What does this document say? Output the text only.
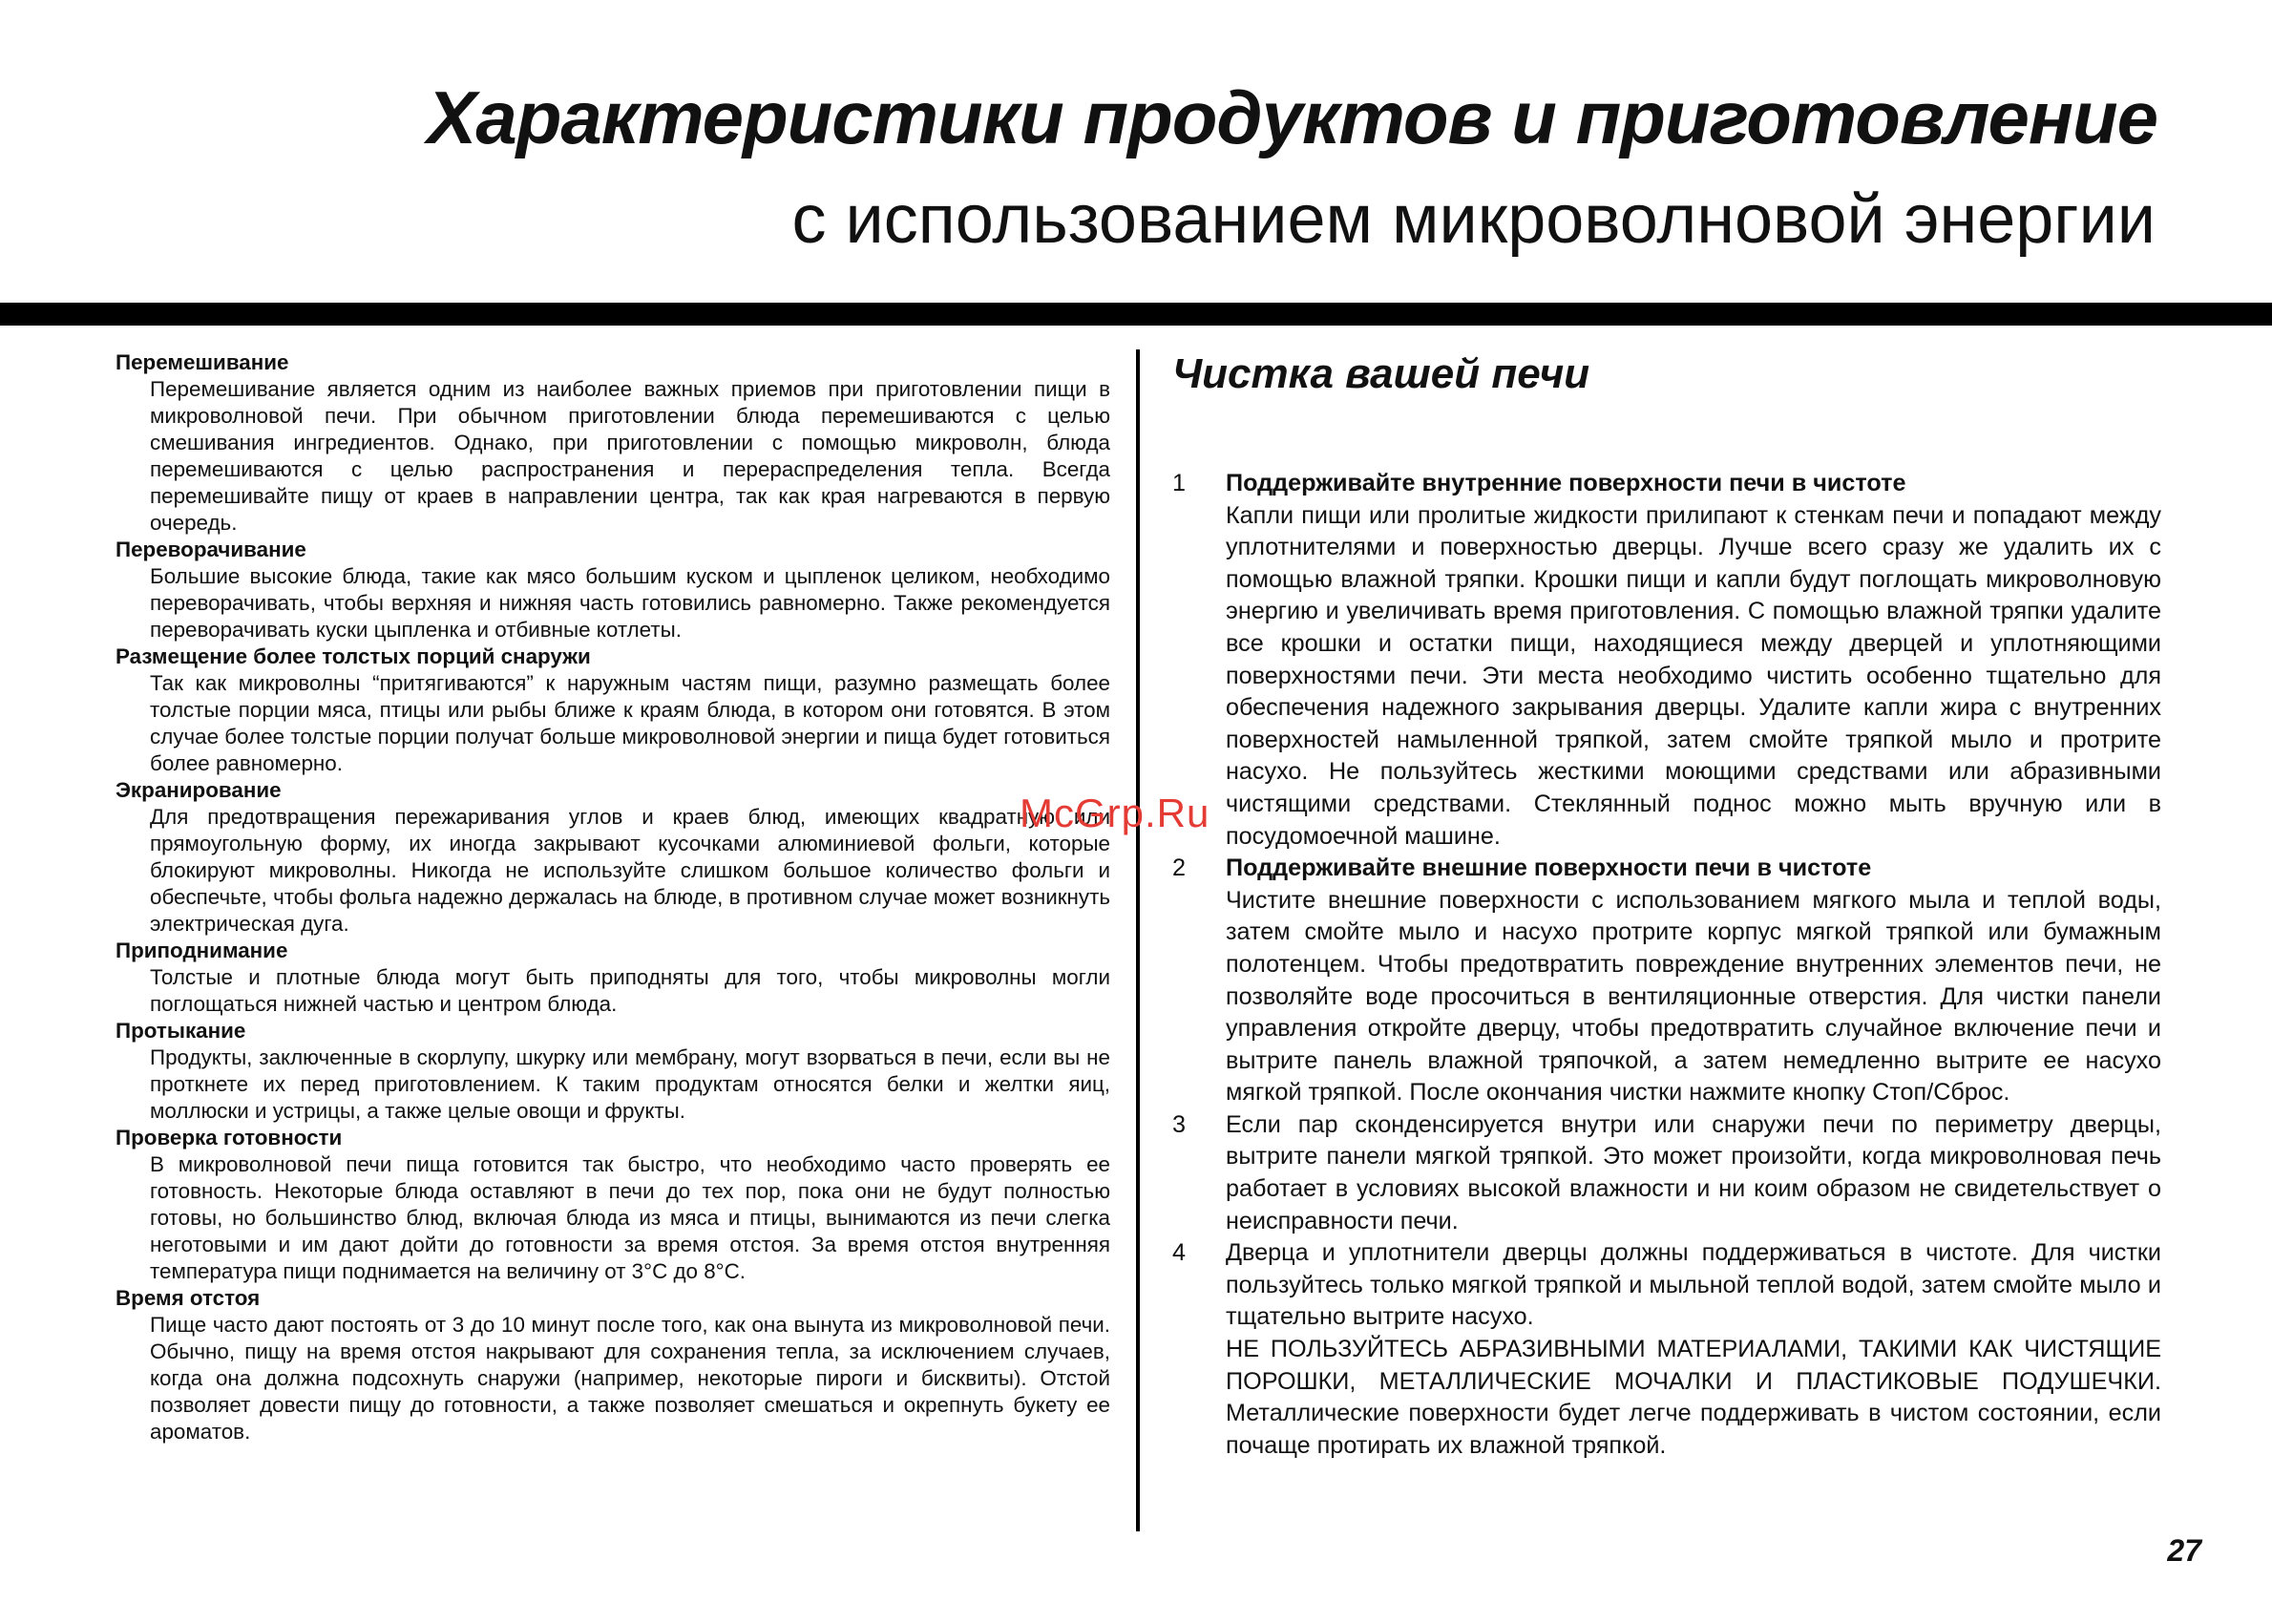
Характеристики продуктов и приготовление
с использованием микроволновой энергии

Перемешивание

Перемешивание является одним из наиболее важных приемов при приготовлении пищи в микроволновой печи. При обычном приготовлении блюда перемешиваются с целью смешивания ингредиентов. Однако, при приготовлении с помощью микроволн, блюда перемешиваются с целью распространения и перераспределения тепла. Всегда перемешивайте пищу от краев в направлении центра, так как края нагреваются в первую очередь.

Переворачивание

Большие высокие блюда, такие как мясо большим куском и цыпленок целиком, необходимо переворачивать, чтобы верхняя и нижняя часть готовились равномерно. Также рекомендуется переворачивать куски цыпленка и отбивные котлеты.

Размещение более толстых порций снаружи

Так как микроволны “притягиваются” к наружным частям пищи, разумно размещать более толстые порции мяса, птицы или рыбы ближе к краям блюда, в котором они готовятся. В этом случае более толстые порции получат больше микроволновой энергии и пища будет готовиться более равномерно.

Экранирование

Для предотвращения пережаривания углов и краев блюд, имеющих квадратную или прямоугольную форму, их иногда закрывают кусочками алюминиевой фольги, которые блокируют микроволны. Никогда не используйте слишком большое количество фольги и обеспечьте, чтобы фольга надежно держалась на блюде, в противном случае может возникнуть электрическая дуга.

Приподнимание

Толстые и плотные блюда могут быть приподняты для того, чтобы микроволны могли поглощаться нижней частью и центром блюда.

Протыкание

Продукты, заключенные в скорлупу, шкурку или мембрану, могут взорваться в печи, если вы не проткнете их перед приготовлением. К таким продуктам относятся белки и желтки яиц, моллюски и устрицы, а также целые овощи и фрукты.

Проверка готовности

В микроволновой печи пища готовится так быстро, что необходимо часто проверять ее готовность. Некоторые блюда оставляют в печи до тех пор, пока они не будут полностью готовы, но большинство блюд, включая блюда из мяса и птицы, вынимаются из печи слегка неготовыми и им дают дойти до готовности за время отстоя. За время отстоя внутренняя температура пищи поднимается на величину от 3°С до 8°С.

Время отстоя

Пище часто дают постоять от 3 до 10 минут после того, как она вынута из микроволновой печи. Обычно, пищу на время отстоя накрывают для сохранения тепла, за исключением случаев, когда она должна подсохнуть снаружи (например, некоторые пироги и бисквиты). Отстой позволяет довести пищу до готовности, а также позволяет смешаться и окрепнуть букету ее ароматов.

Чистка вашей печи
1 Поддерживайте внутренние поверхности печи в чистоте
Капли пищи или пролитые жидкости прилипают к стенкам печи и попадают между уплотнителями и поверхностью дверцы. Лучше всего сразу же удалить их с помощью влажной тряпки. Крошки пищи и капли будут поглощать микроволновую энергию и увеличивать время приготовления. С помощью влажной тряпки удалите все крошки и остатки пищи, находящиеся между дверцей и уплотняющими поверхностями печи. Эти места необходимо чистить особенно тщательно для обеспечения надежного закрывания дверцы. Удалите капли жира с внутренних поверхностей намыленной тряпкой, затем смойте тряпкой мыло и протрите насухо. Не пользуйтесь жесткими моющими средствами или абразивными чистящими средствами. Стеклянный поднос можно мыть вручную или в посудомоечной машине.
2 Поддерживайте внешние поверхности печи в чистоте
Чистите внешние поверхности с использованием мягкого мыла и теплой воды, затем смойте мыло и насухо протрите корпус мягкой тряпкой или бумажным полотенцем. Чтобы предотвратить повреждение внутренних элементов печи, не позволяйте воде просочиться в вентиляционные отверстия. Для чистки панели управления откройте дверцу, чтобы предотвратить случайное включение печи и вытрите панель влажной тряпочкой, а затем немедленно вытрите ее насухо мягкой тряпкой. После окончания чистки нажмите кнопку Стоп/Сброс.
3 Если пар сконденсируется внутри или снаружи печи по периметру дверцы, вытрите панели мягкой тряпкой. Это может произойти, когда микроволновая печь работает в условиях высокой влажности и ни коим образом не свидетельствует о неисправности печи.
4 Дверца и уплотнители дверцы должны поддерживаться в чистоте. Для чистки пользуйтесь только мягкой тряпкой и мыльной теплой водой, затем смойте мыло и тщательно вытрите насухо.
НЕ ПОЛЬЗУЙТЕСЬ АБРАЗИВНЫМИ МАТЕРИАЛАМИ, ТАКИМИ КАК ЧИСТЯЩИЕ ПОРОШКИ, МЕТАЛЛИЧЕСКИЕ МОЧАЛКИ И ПЛАСТИКОВЫЕ ПОДУШЕЧКИ. Металлические поверхности будет легче поддерживать в чистом состоянии, если почаще протирать их влажной тряпкой.
McGrp.Ru
27
